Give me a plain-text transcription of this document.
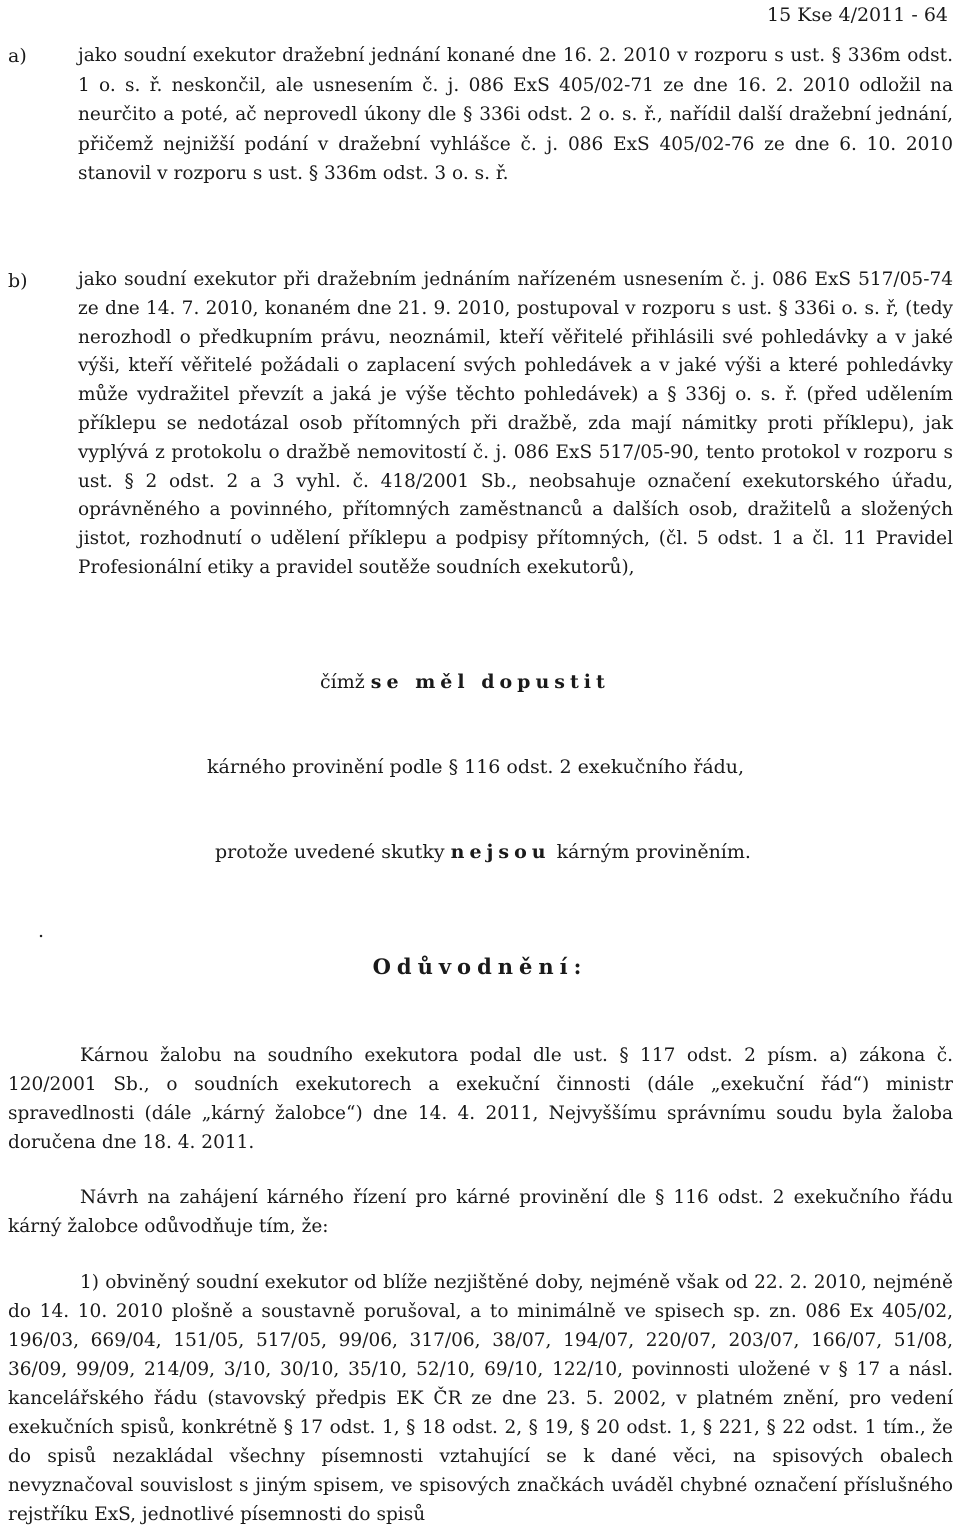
15 Kse 4/2011 - 64
a)	jako soudní exekutor dražební jednání konané dne 16. 2. 2010 v rozporu s ust. § 336m odst. 1 o. s. ř. neskončil, ale usnesením č. j. 086 ExS 405/02-71 ze dne 16. 2. 2010 odložil na neurčito a poté, ač neprovedl úkony dle § 336i odst. 2 o. s. ř., nařídil další dražební jednání, přičemž nejnižší podání v dražební vyhlášce č. j. 086 ExS 405/02-76 ze dne 6. 10. 2010 stanovil v rozporu s ust. § 336m odst. 3 o. s. ř.
b)	jako soudní exekutor při dražebním jednáním nařízeném usnesením č. j. 086 ExS 517/05-74 ze dne 14. 7. 2010, konaném dne 21. 9. 2010, postupoval v rozporu s ust. § 336i o. s. ř, (tedy nerozhodl o předkupním právu, neoznámil, kteří věřitelé přihlásili své pohledávky a v jaké výši, kteří věřitelé požádali o zaplacení svých pohledávek a v jaké výši a které pohledávky může vydražitel převzít a jaká je výše těchto pohledávek) a § 336j o. s. ř. (před udělením příklepu se nedotázal osob přítomných při dražbě, zda mají námitky proti příklepu), jak vyplývá z protokolu o dražbě nemovitostí č. j. 086 ExS 517/05-90, tento protokol v rozporu s ust. § 2 odst. 2 a 3 vyhl. č. 418/2001 Sb., neobsahuje označení exekutorského úřadu, oprávněného a povinného, přítomných zaměstnanců a dalších osob, dražitelů a složených jistot, rozhodnutí o udělení příklepu a podpisy přítomných, (čl. 5 odst. 1 a čl. 11 Pravidel Profesionální etiky a pravidel soutěže soudních exekutorů),
čímž se měl dopustit
kárného provinění podle § 116 odst. 2 exekučního řádu,
protože uvedené skutky nejsou kárným proviněním.
.
Odůvodnění:
Kárnou žalobu na soudního exekutora podal dle ust. § 117 odst. 2 písm. a) zákona č. 120/2001 Sb., o soudních exekutorech a exekuční činnosti (dále „exekuční řád“) ministr spravedlnosti (dále „kárný žalobce“) dne 14. 4. 2011, Nejvyššímu správnímu soudu byla žaloba doručena dne 18. 4. 2011.
Návrh na zahájení kárného řízení pro kárné provinění dle § 116 odst. 2 exekučního řádu kárný žalobce odůvodňuje tím, že:
1) obviněný soudní exekutor od blíže nezjištěné doby, nejméně však od 22. 2. 2010, nejméně do 14. 10. 2010 plošně a soustavně porušoval, a to minimálně ve spisech sp. zn. 086 Ex 405/02, 196/03, 669/04, 151/05, 517/05, 99/06, 317/06, 38/07, 194/07, 220/07, 203/07, 166/07, 51/08, 36/09, 99/09, 214/09, 3/10, 30/10, 35/10, 52/10, 69/10, 122/10, povinnosti uložené v § 17 a násl. kancelářského řádu (stavovský předpis EK ČR ze dne 23. 5. 2002, v platném znění, pro vedení exekučních spisů, konkrétně § 17 odst. 1, § 18 odst. 2, § 19, § 20 odst. 1, § 221, § 22 odst. 1 tím., že do spisů nezakládal všechny písemnosti vztahující se k dané věci, na spisových obalech nevyznačoval souvislost s jiným spisem, ve spisových značkách uváděl chybné označení příslušného rejstříku ExS, jednotlivé písemnosti do spisů
